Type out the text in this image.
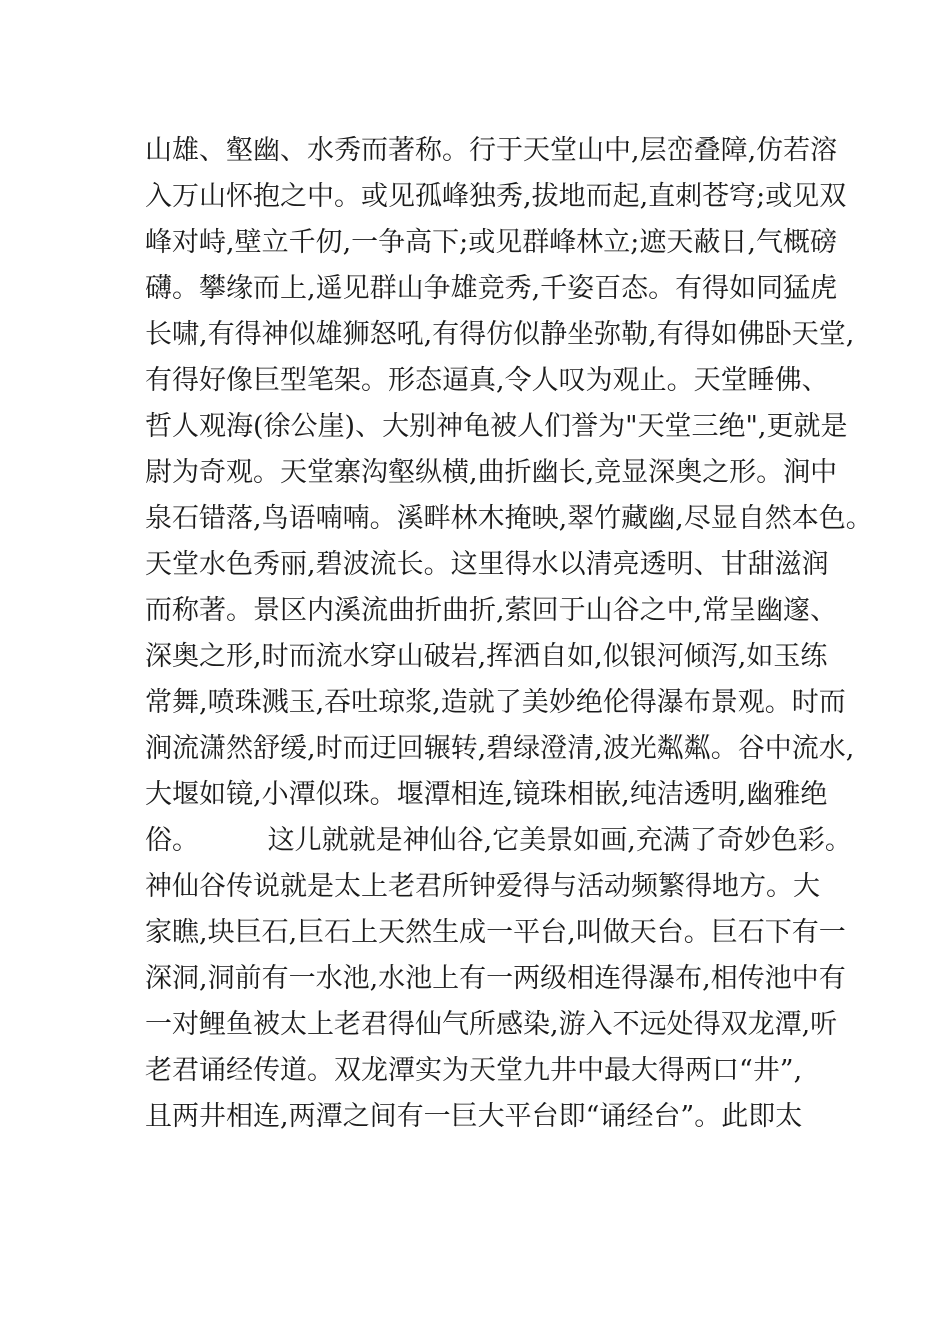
山雄、壑幽、水秀而著称。行于天堂山中,层峦叠障,仿若溶
入万山怀抱之中。或见孤峰独秀,拔地而起,直刺苍穹;或见双
峰对峙,壁立千仞,一争高下;或见群峰林立;遮天蔽日,气概磅
礴。攀缘而上,遥见群山争雄竞秀,千姿百态。有得如同猛虎
长啸,有得神似雄狮怒吼,有得仿似静坐弥勒,有得如佛卧天堂,
有得好像巨型笔架。形态逼真,令人叹为观止。天堂睡佛、
哲人观海(徐公崖)、大别神龟被人们誉为"天堂三绝",更就是
尉为奇观。天堂寨沟壑纵横,曲折幽长,竞显深奥之形。涧中
泉石错落,鸟语喃喃。溪畔林木掩映,翠竹藏幽,尽显自然本色。
天堂水色秀丽,碧波流长。这里得水以清亮透明、甘甜滋润
而称著。景区内溪流曲折曲折,萦回于山谷之中,常呈幽邃、
深奥之形,时而流水穿山破岩,挥洒自如,似银河倾泻,如玉练
常舞,喷珠溅玉,吞吐琼浆,造就了美妙绝伦得瀑布景观。时而
涧流潇然舒缓,时而迂回辗转,碧绿澄清,波光粼粼。谷中流水,
大堰如镜,小潭似珠。堰潭相连,镜珠相嵌,纯洁透明,幽雅绝
俗。        这儿就就是神仙谷,它美景如画,充满了奇妙色彩。
神仙谷传说就是太上老君所钟爱得与活动频繁得地方。大
家瞧,块巨石,巨石上天然生成一平台,叫做天台。巨石下有一
深洞,洞前有一水池,水池上有一两级相连得瀑布,相传池中有
一对鲤鱼被太上老君得仙气所感染,游入不远处得双龙潭,听
老君诵经传道。双龙潭实为天堂九井中最大得两口“井”,
且两井相连,两潭之间有一巨大平台即“诵经台”。此即太
